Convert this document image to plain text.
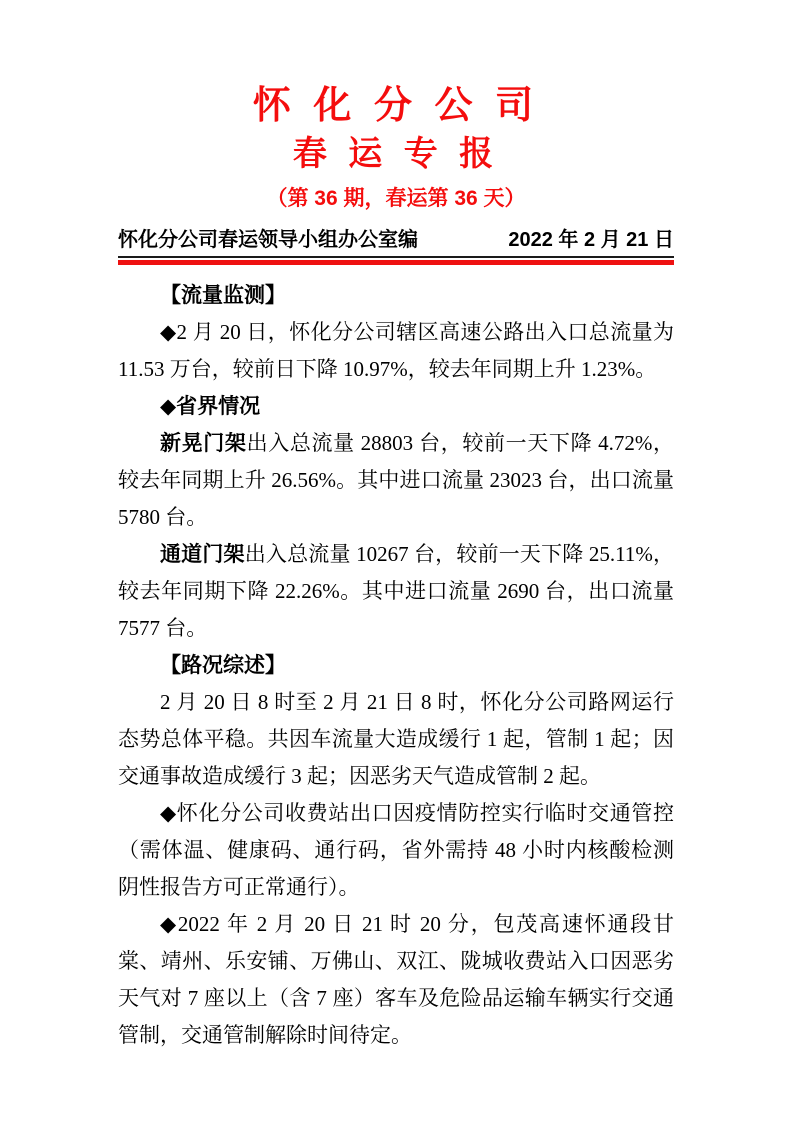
怀 化 分 公 司
春 运 专 报
（第 36 期，春运第 36 天）
怀化分公司春运领导小组办公室编	2022 年 2 月 21 日

【流量监测】

◆2 月 20 日，怀化分公司辖区高速公路出入口总流量为 11.53 万台，较前日下降 10.97%，较去年同期上升 1.23%。

◆省界情况

新晃门架出入总流量 28803 台，较前一天下降 4.72%，较去年同期上升 26.56%。其中进口流量 23023 台，出口流量 5780 台。

通道门架出入总流量 10267 台，较前一天下降 25.11%，较去年同期下降 22.26%。其中进口流量 2690 台，出口流量 7577 台。

【路况综述】

2 月 20 日 8 时至 2 月 21 日 8 时，怀化分公司路网运行态势总体平稳。共因车流量大造成缓行 1 起，管制 1 起；因交通事故造成缓行 3 起；因恶劣天气造成管制 2 起。

◆怀化分公司收费站出口因疫情防控实行临时交通管控（需体温、健康码、通行码，省外需持 48 小时内核酸检测阴性报告方可正常通行）。

◆2022 年 2 月 20 日 21 时 20 分，包茂高速怀通段甘棠、靖州、乐安铺、万佛山、双江、陇城收费站入口因恶劣天气对 7 座以上（含 7 座）客车及危险品运输车辆实行交通管制，交通管制解除时间待定。
